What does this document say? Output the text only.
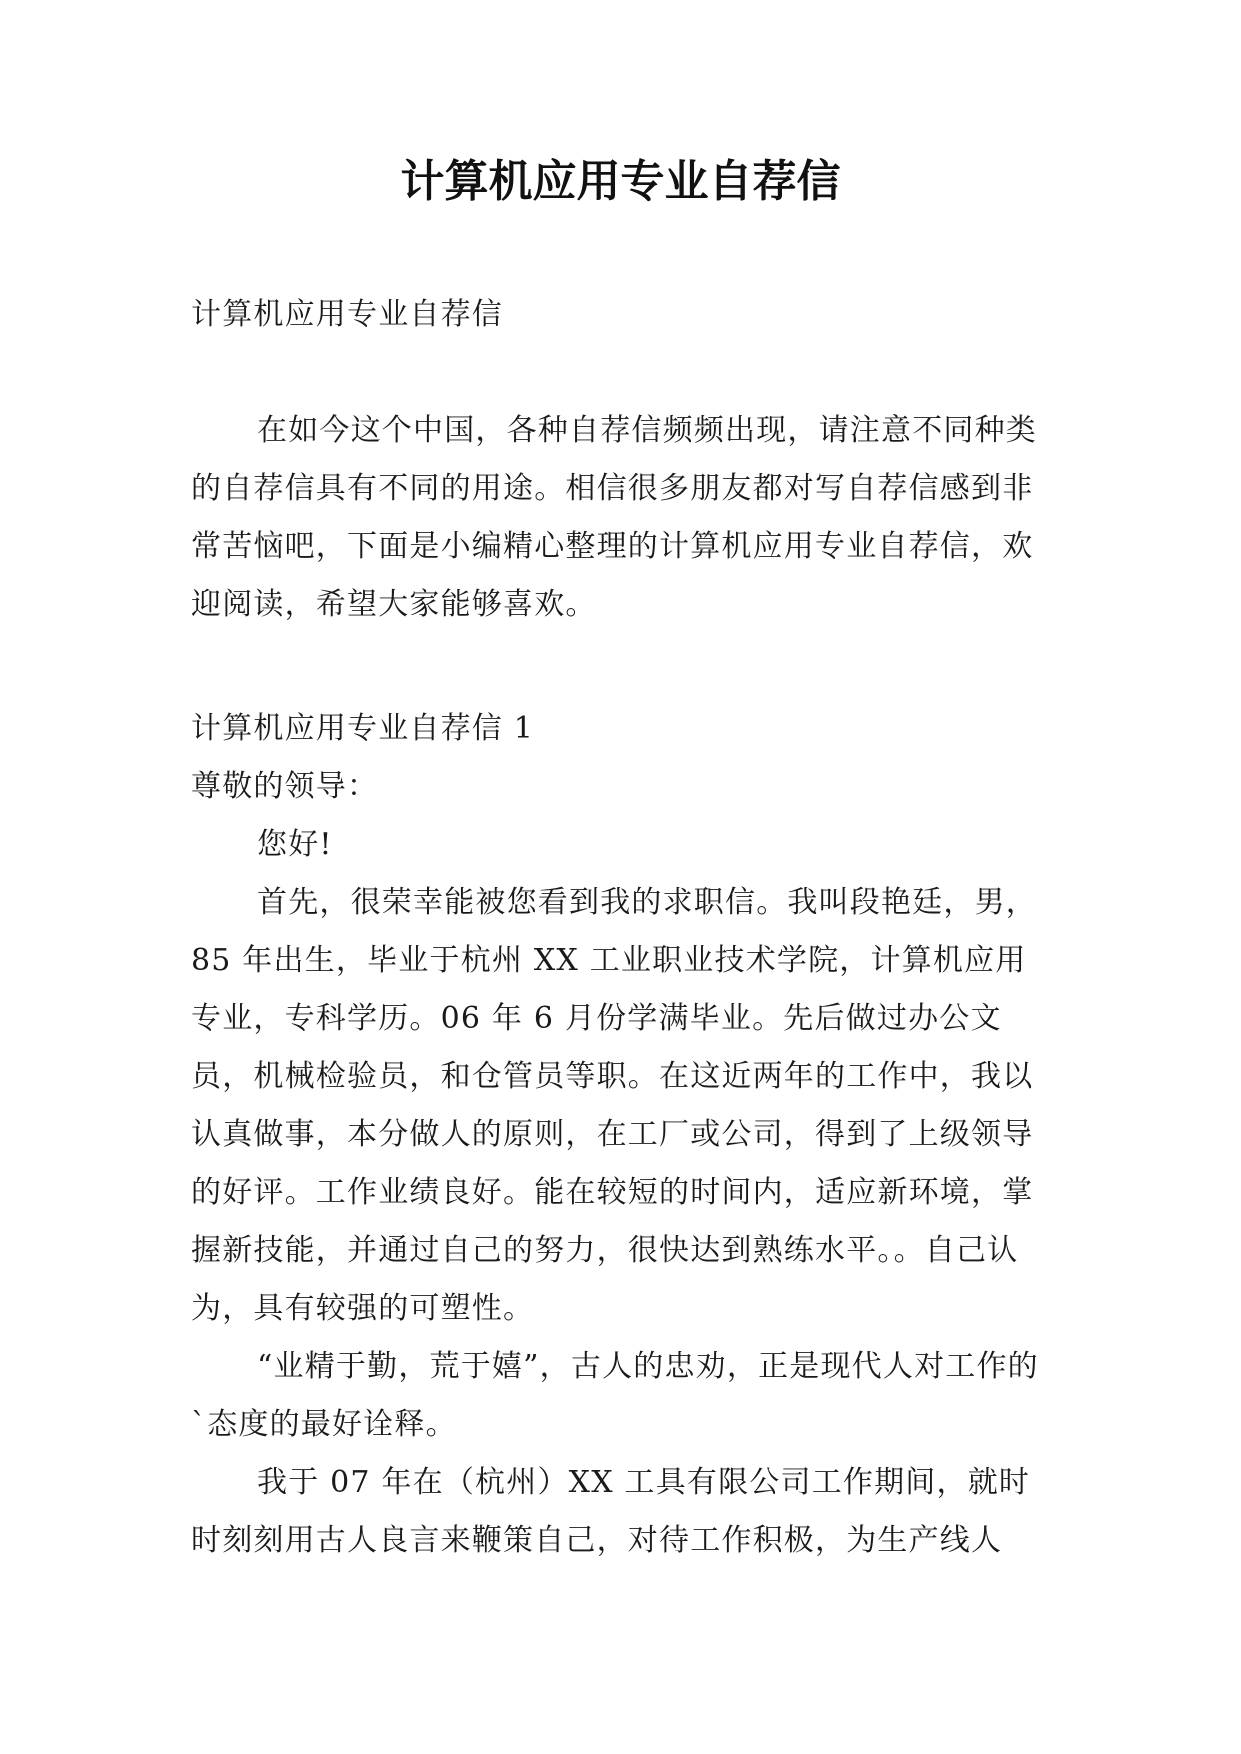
计算机应用专业自荐信

计算机应用专业自荐信

在如今这个中国，各种自荐信频频出现，请注意不同种类的自荐信具有不同的用途。相信很多朋友都对写自荐信感到非常苦恼吧，下面是小编精心整理的计算机应用专业自荐信，欢迎阅读，希望大家能够喜欢。

计算机应用专业自荐信 1

尊敬的领导：

您好!

首先，很荣幸能被您看到我的求职信。我叫段艳廷，男，85 年出生，毕业于杭州 XX 工业职业技术学院，计算机应用专业，专科学历。06 年 6 月份学满毕业。先后做过办公文员，机械检验员，和仓管员等职。在这近两年的工作中，我以认真做事，本分做人的原则，在工厂或公司，得到了上级领导的好评。工作业绩良好。能在较短的时间内，适应新环境，掌握新技能，并通过自己的努力，很快达到熟练水平。。自己认为，具有较强的可塑性。

“业精于勤，荒于嬉”，古人的忠劝，正是现代人对工作的`态度的最好诠释。

我于 07 年在（杭州）XX 工具有限公司工作期间，就时时刻刻用古人良言来鞭策自己，对待工作积极，为生产线人
